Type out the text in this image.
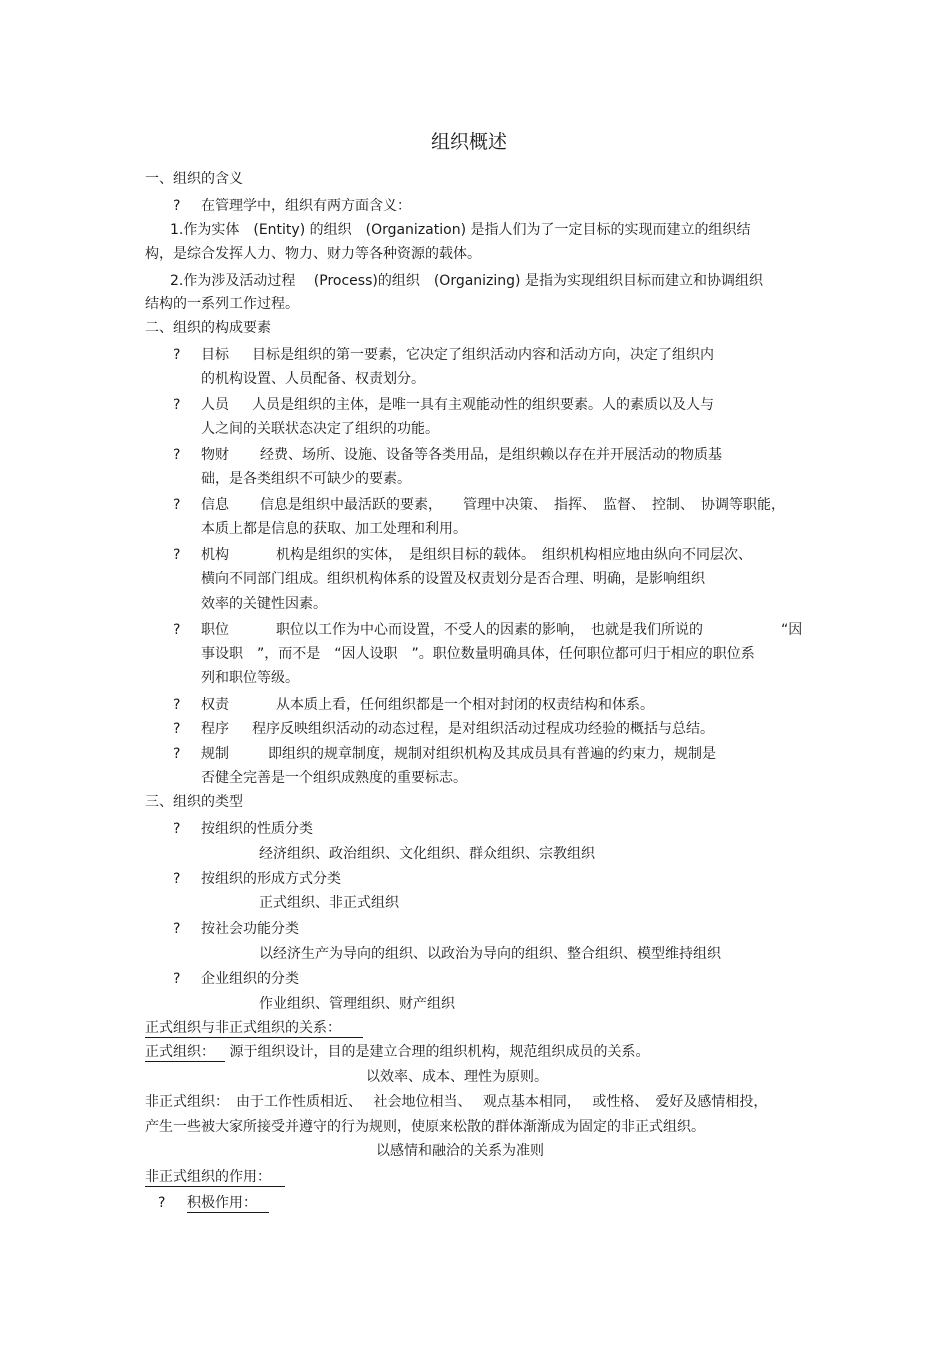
组织概述
一、组织的含义
? 在管理学中，组织有两方面含义：
1.作为实体　(Entity) 的组织　(Organization) 是指人们为了一定目标的实现而建立的组织结
构，是综合发挥人力、物力、财力等各种资源的载体。
2.作为涉及活动过程　 (Process)的组织　(Organizing) 是指为实现组织目标而建立和协调组织
结构的一系列工作过程。
二、组织的构成要素
? 目标 目标是组织的第一要素，它决定了组织活动内容和活动方向，决定了组织内
的机构设置、人员配备、权责划分。
? 人员 人员是组织的主体，是唯一具有主观能动性的组织要素。人的素质以及人与
人之间的关联状态决定了组织的功能。
? 物财 经费、场所、设施、设备等各类用品，是组织赖以存在并开展活动的物质基
础，是各类组织不可缺少的要素。
? 信息 信息是组织中最活跃的要素，　　管理中决策、　指挥、　监督、　控制、　协调等职能，
本质上都是信息的获取、加工处理和利用。
? 机构	机构是组织的实体，　是组织目标的载体。　组织机构相应地由纵向不同层次、
横向不同部门组成。组织机构体系的设置及权责划分是否合理、明确，是影响组织
效率的关键性因素。
? 职位	职位以工作为中心而设置，不受人的因素的影响，　也就是我们所说的	“因
事设职　”，而不是　“因人设职　”。职位数量明确具体，任何职位都可归于相应的职位系
列和职位等级。
? 权责	从本质上看，任何组织都是一个相对封闭的权责结构和体系。
? 程序 程序反映组织活动的动态过程，是对组织活动过程成功经验的概括与总结。
? 规制	即组织的规章制度，规制对组织机构及其成员具有普遍的约束力，规制是
否健全完善是一个组织成熟度的重要标志。
三、组织的类型
? 按组织的性质分类
经济组织、政治组织、文化组织、群众组织、宗教组织
? 按组织的形成方式分类
正式组织、非正式组织
? 按社会功能分类
以经济生产为导向的组织、以政治为导向的组织、整合组织、模型维持组织
? 企业组织的分类
作业组织、管理组织、财产组织
正式组织与非正式组织的关系：
正式组织： 源于组织设计，目的是建立合理的组织机构，规范组织成员的关系。
以效率、成本、理性为原则。
非正式组织：　由于工作性质相近、　 社会地位相当、　 观点基本相同，　 或性格、　爱好及感情相投，
产生一些被大家所接受并遵守的行为规则，使原来松散的群体渐渐成为固定的非正式组织。
以感情和融洽的关系为准则
非正式组织的作用：
? 积极作用：
